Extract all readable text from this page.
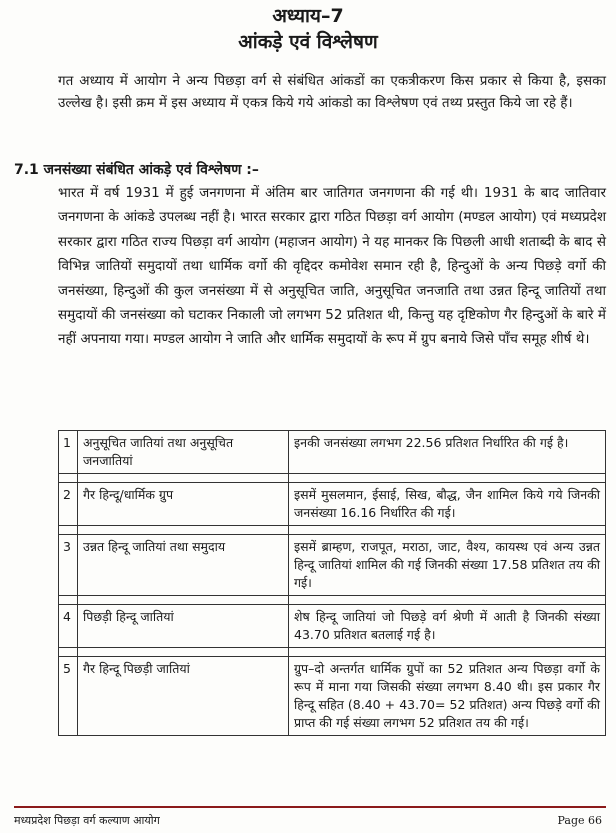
अध्याय–7
आंकड़े एवं विश्लेषण

गत अध्याय में आयोग ने अन्य पिछड़ा वर्ग से संबंधित आंकडों का एकत्रीकरण किस प्रकार से किया है, इसका उल्लेख है। इसी क्रम में इस अध्याय में एकत्र किये गये आंकडो का विश्लेषण एवं तथ्य प्रस्तुत किये जा रहे हैं।

7.1 जनसंख्या संबंधित आंकड़े एवं विश्लेषण :–

भारत में वर्ष 1931 में हुई जनगणना में अंतिम बार जातिगत जनगणना की गई थी। 1931 के बाद जातिवार जनगणना के आंकडे उपलब्ध नहीं है। भारत सरकार द्वारा गठित पिछड़ा वर्ग आयोग (मण्डल आयोग) एवं मध्यप्रदेश सरकार द्वारा गठित राज्य पिछड़ा वर्ग आयोग (महाजन आयोग) ने यह मानकर कि पिछली आधी शताब्दी के बाद से विभिन्न जातियों समुदायों तथा धार्मिक वर्गो की वृद्दिदर कमोवेश समान रही है, हिन्दुओं के अन्य पिछड़े वर्गो की जनसंख्या, हिन्दुओं की कुल जनसंख्या में से अनुसूचित जाति, अनुसूचित जनजाति तथा उन्नत हिन्दू जातियों तथा समुदायों की जनसंख्या को घटाकर निकाली जो लगभग 52 प्रतिशत थी, किन्तु यह दृष्टिकोण गैर हिन्दुओं के बारे में नहीं अपनाया गया। मण्डल आयोग ने जाति और धार्मिक समुदायों के रूप में ग्रुप बनाये जिसे पाँच समूह शीर्ष थे।

1	अनुसूचित जातियां तथा अनुसूचित जनजातियां	इनकी जनसंख्या लगभग 22.56 प्रतिशत निर्धारित की गई है।

2	गैर हिन्दू/धार्मिक ग्रुप	इसमें मुसलमान, ईसाई, सिख, बौद्ध, जैन शामिल किये गये जिनकी जनसंख्या 16.16 निर्धारित की गई।

3	उन्नत हिन्दू जातियां तथा समुदाय	इसमें ब्राम्हण, राजपूत, मराठा, जाट, वैश्य, कायस्थ एवं अन्य उन्नत हिन्दू जातियां शामिल की गई जिनकी संख्या 17.58 प्रतिशत तय की गई।

4	पिछड़ी हिन्दू जातियां	शेष हिन्दू जातियां जो पिछड़े वर्ग श्रेणी में आती है जिनकी संख्या 43.70 प्रतिशत बतलाई गई है।

5	गैर हिन्दू पिछड़ी जातियां	ग्रुप–दो अन्तर्गत धार्मिक ग्रुपों का 52 प्रतिशत अन्य पिछड़ा वर्गो के रूप में माना गया जिसकी संख्या लगभग 8.40 थी। इस प्रकार गैर हिन्दू सहित (8.40 + 43.70= 52 प्रतिशत) अन्य पिछड़े वर्गो की प्राप्त की गई संख्या लगभग 52 प्रतिशत तय की गई।
मध्यप्रदेश पिछड़ा वर्ग कल्याण आयोग	Page 66
